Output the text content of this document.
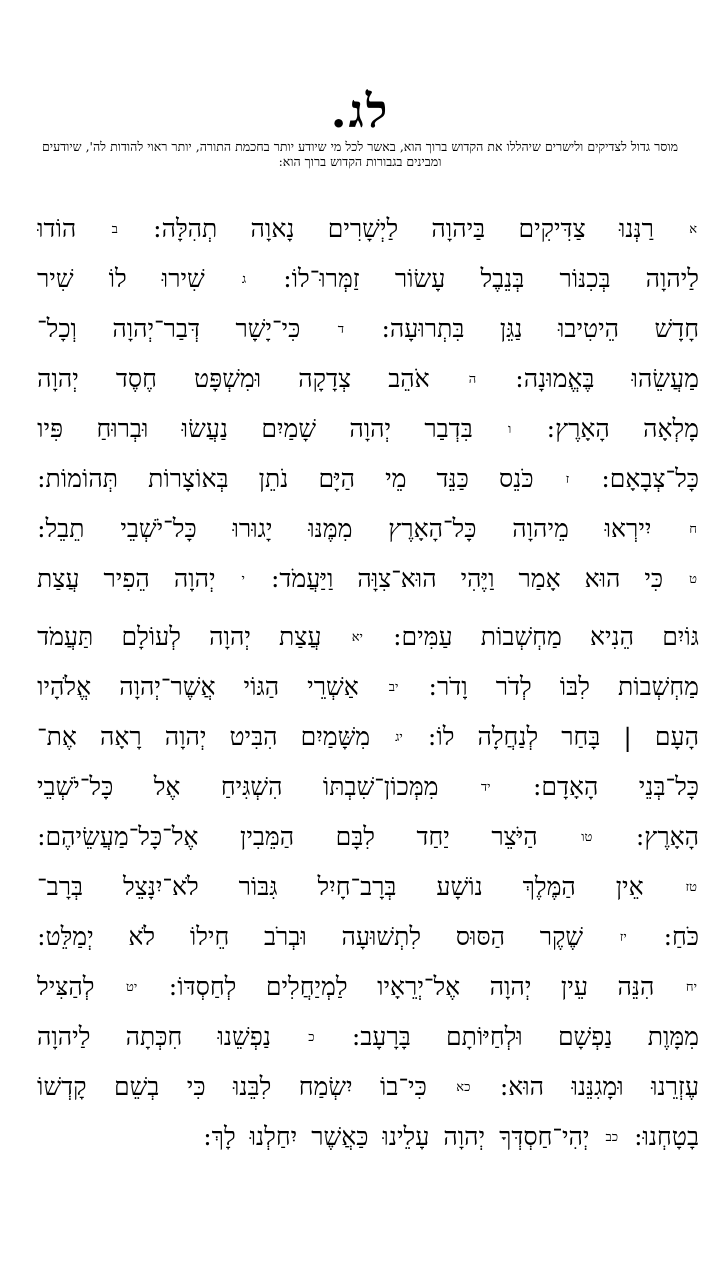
לג.
מוסר גדול לצדיקים ולישרים שיהללו את הקדוש ברוך הוא, באשר לכל מי שיודע יותר בחכמת התורה, יותר ראוי להודות לה', שיודעים ומבינים בגבורות הקדוש ברוך הוא:
א
רַנְּנוּ
צַדִּיקִים
בַּיהוָה
לַיְשָׁרִים
נָאוָה
תְהִלָּה:
ב
הוֹדוּ
לַיהוָה
בְּכִנּוֹר
בְּנֵבֶל
עָשׂוֹר
זַמְּרוּ־לוֹ:
ג
שִׁירוּ
לוֹ
שִׁיר
חָדָשׁ
הֵיטִיבוּ
נַגֵּן
בִּתְרוּעָה:
ד
כִּי־יָשָׁר
דְּבַר־יְהוָה
וְכָל־
מַעֲשֵׂהוּ
בֶּאֱמוּנָה:
ה
אֹהֵב
צְדָקָה
וּמִשְׁפָּט
חֶסֶד
יְהוָה
מָלְאָה
הָאָרֶץ:
ו
בִּדְבַר
יְהוָה
שָׁמַיִם
נַעֲשׂוּ
וּבְרוּחַ
פִּיו
כָּל־צְבָאָם:
ז
כֹּנֵס
כַּנֵּד
מֵי
הַיָּם
נֹתֵן
בְּאוֹצָרוֹת
תְּהוֹמוֹת:
ח
יִירְאוּ
מֵיהוָה
כָּל־הָאָרֶץ
מִמֶּנּוּ
יָגוּרוּ
כָּל־יֹשְׁבֵי
תֵבֵל:
ט
כִּי
הוּא
אָמַר
וַיֶּהִי
הוּא־צִוָּה
וַיַּעֲמֹד:
י
יְהוָה
הֵפִיר
עֲצַת
גּוֹיִם
הֵנִיא
מַחְשְׁבוֹת
עַמִּים:
יא
עֲצַת
יְהוָה
לְעוֹלָם
תַּעֲמֹד
מַחְשְׁבוֹת
לִבּוֹ
לְדֹר
וָדֹר:
יב
אַשְׁרֵי
הַגּוֹי
אֲשֶׁר־יְהוָה
אֱלֹהָיו
הָעָם
|
בָּחַר
לְנַחֲלָה
לוֹ:
יג
מִשָּׁמַיִם
הִבִּיט
יְהוָה
רָאָה
אֶת־
כָּל־בְּנֵי
הָאָדָם:
יד
מִמְּכוֹן־שִׁבְתּוֹ
הִשְׁגִּיחַ
אֶל
כָּל־יֹשְׁבֵי
הָאָרֶץ:
טו
הַיֹּצֵר
יַחַד
לִבָּם
הַמֵּבִין
אֶל־כָּל־מַעֲשֵׂיהֶם:
טז
אֵין
הַמֶּלֶךְ
נוֹשָׁע
בְּרָב־חָיִל
גִּבּוֹר
לֹא־יִנָּצֵל
בְּרָב־
כֹּחַ:
יז
שֶׁקֶר
הַסּוּס
לִתְשׁוּעָה
וּבְרֹב
חֵילוֹ
לֹא
יְמַלֵּט:
יח
הִנֵּה
עֵין
יְהוָה
אֶל־יְרֵאָיו
לַמְיַחֲלִים
לְחַסְדּוֹ:
יט
לְהַצִּיל
מִמָּוֶת
נַפְשָׁם
וּלְחַיּוֹתָם
בָּרָעָב:
כ
נַפְשֵׁנוּ
חִכְּתָה
לַיהוָה
עֶזְרֵנוּ
וּמָגִנֵּנוּ
הוּא:
כא
כִּי־בוֹ
יִשְׂמַח
לִבֵּנוּ
כִּי
בְשֵׁם
קָדְשׁוֹ
בָטָחְנוּ:
כב
יְהִי־חַסְדְּךָ
יְהוָה
עָלֵינוּ
כַּאֲשֶׁר
יִחַלְנוּ
לָךְ:
